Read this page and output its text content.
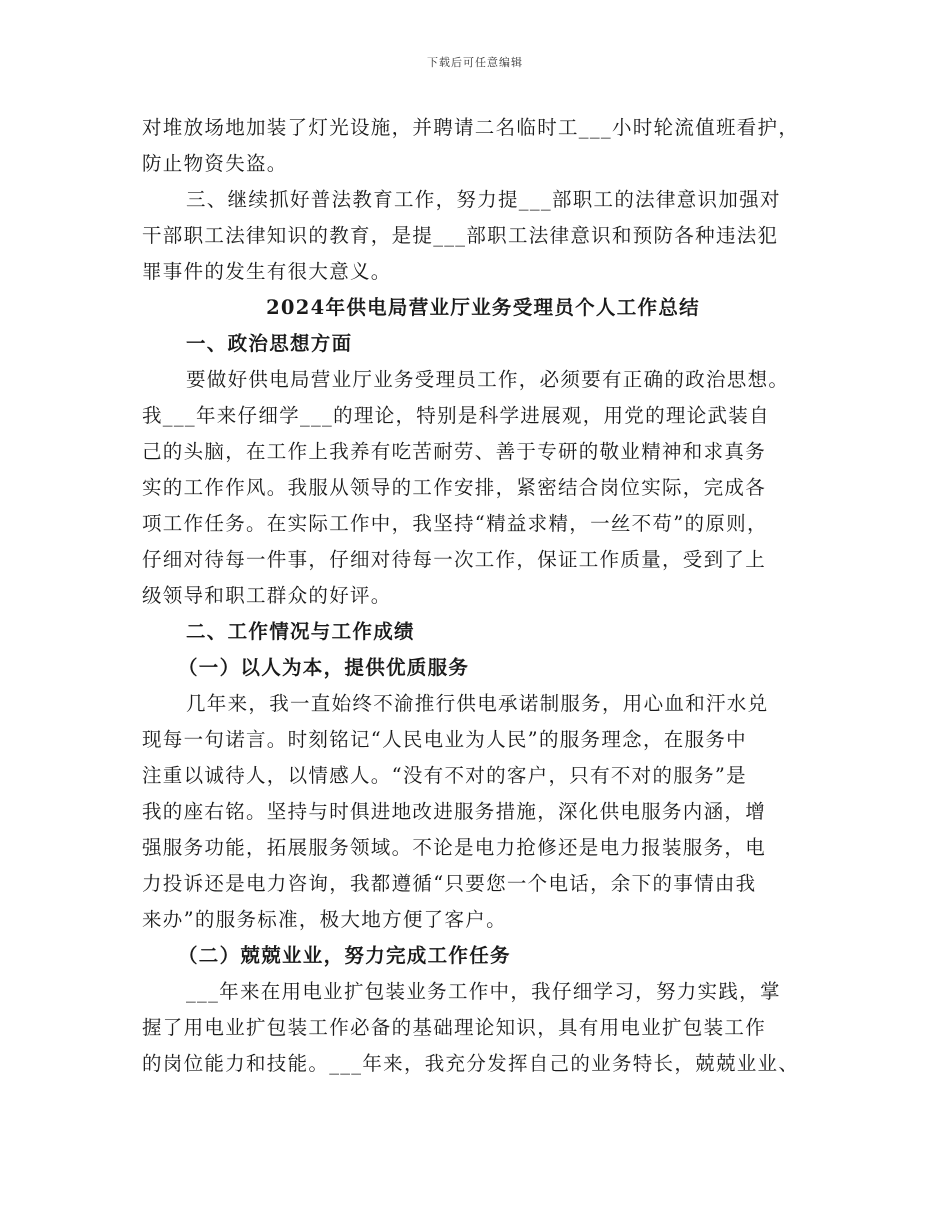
下载后可任意编辑
对堆放场地加装了灯光设施，并聘请二名临时工___小时轮流值班看护，
防止物资失盗。
三、继续抓好普法教育工作，努力提___部职工的法律意识加强对
干部职工法律知识的教育，是提___部职工法律意识和预防各种违法犯
罪事件的发生有很大意义。
2024年供电局营业厅业务受理员个人工作总结
一、政治思想方面
要做好供电局营业厅业务受理员工作，必须要有正确的政治思想。
我___年来仔细学___的理论，特别是科学进展观，用党的理论武装自
己的头脑，在工作上我养有吃苦耐劳、善于专研的敬业精神和求真务
实的工作作风。我服从领导的工作安排，紧密结合岗位实际，完成各
项工作任务。在实际工作中，我坚持“精益求精，一丝不苟”的原则，
仔细对待每一件事，仔细对待每一次工作，保证工作质量，受到了上
级领导和职工群众的好评。
二、工作情况与工作成绩
（一）以人为本，提供优质服务
几年来，我一直始终不渝推行供电承诺制服务，用心血和汗水兑
现每一句诺言。时刻铭记“人民电业为人民”的服务理念，在服务中
注重以诚待人，以情感人。“没有不对的客户，只有不对的服务”是
我的座右铭。坚持与时俱进地改进服务措施，深化供电服务内涵，增
强服务功能，拓展服务领域。不论是电力抢修还是电力报装服务，电
力投诉还是电力咨询，我都遵循“只要您一个电话，余下的事情由我
来办”的服务标准，极大地方便了客户。
（二）兢兢业业，努力完成工作任务
___年来在用电业扩包装业务工作中，我仔细学习，努力实践，掌
握了用电业扩包装工作必备的基础理论知识，具有用电业扩包装工作
的岗位能力和技能。___年来，我充分发挥自己的业务特长，兢兢业业、
